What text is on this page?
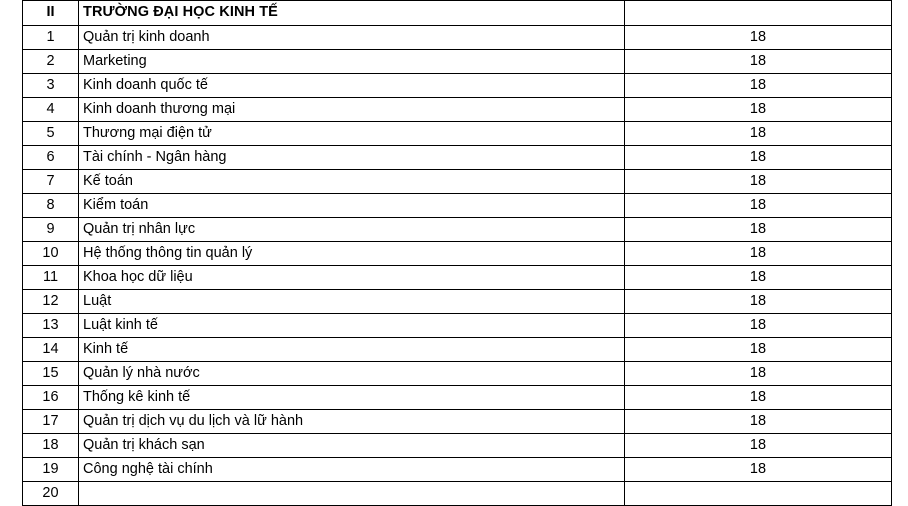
II	TRƯỜNG ĐẠI HỌC KINH TẾ	
1	Quản trị kinh doanh	18
2	Marketing	18
3	Kinh doanh quốc tế	18
4	Kinh doanh thương mại	18
5	Thương mại điện tử	18
6	Tài chính - Ngân hàng	18
7	Kế toán	18
8	Kiểm toán	18
9	Quản trị nhân lực	18
10	Hệ thống thông tin quản lý	18
11	Khoa học dữ liệu	18
12	Luật	18
13	Luật kinh tế	18
14	Kinh tế	18
15	Quản lý nhà nước	18
16	Thống kê kinh tế	18
17	Quản trị dịch vụ du lịch và lữ hành	18
18	Quản trị khách sạn	18
19	Công nghệ tài chính	18
20		
